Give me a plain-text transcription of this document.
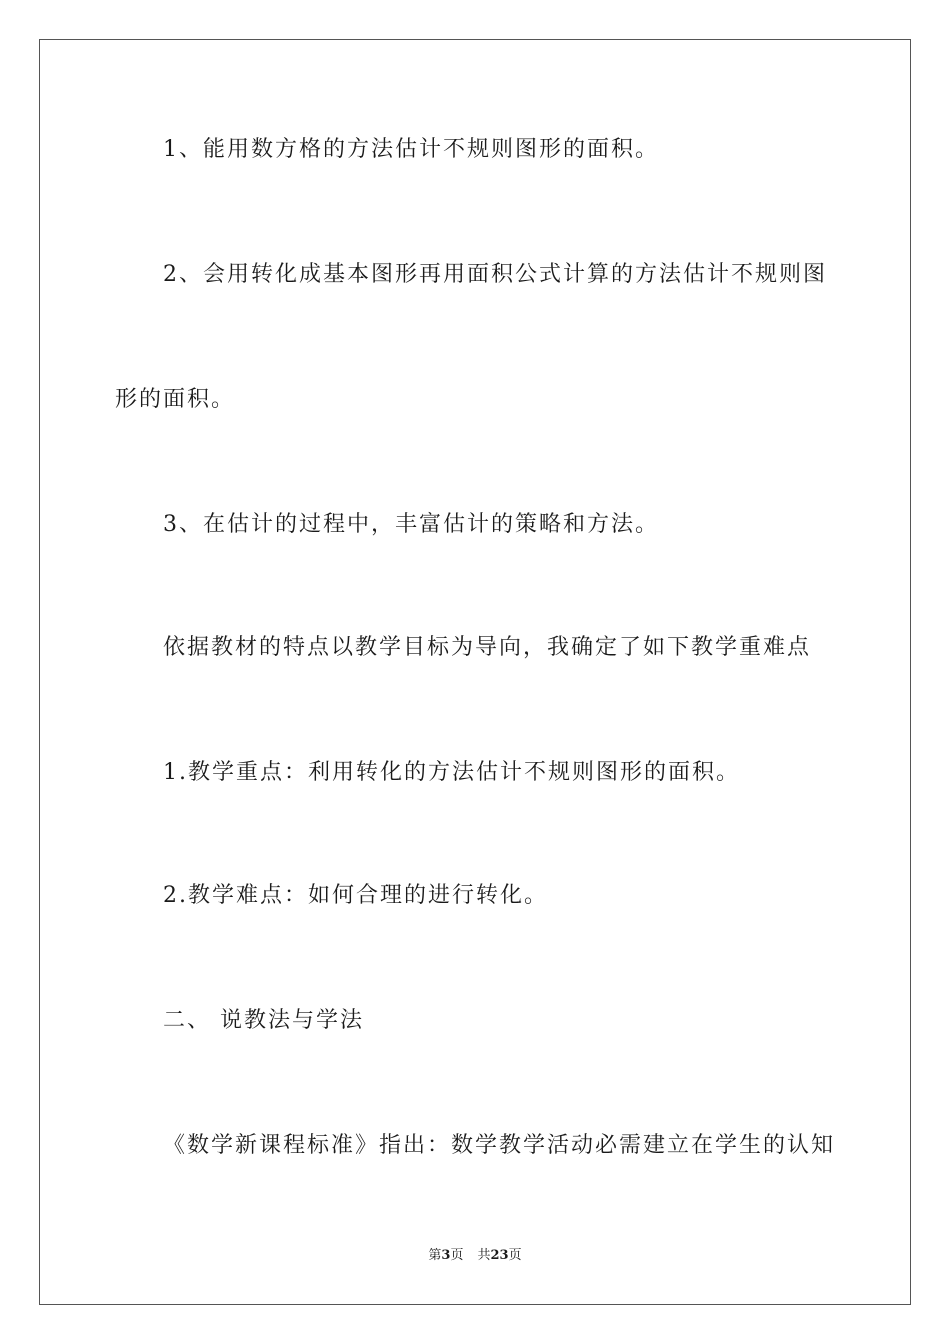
1、能用数方格的方法估计不规则图形的面积。
2、会用转化成基本图形再用面积公式计算的方法估计不规则图
形的面积。
3、在估计的过程中，丰富估计的策略和方法。
依据教材的特点以教学目标为导向，我确定了如下教学重难点
1.教学重点：利用转化的方法估计不规则图形的面积。
2.教学难点：如何合理的进行转化。
二、 说教法与学法
《数学新课程标准》指出：数学教学活动必需建立在学生的认知
第3页 共23页
